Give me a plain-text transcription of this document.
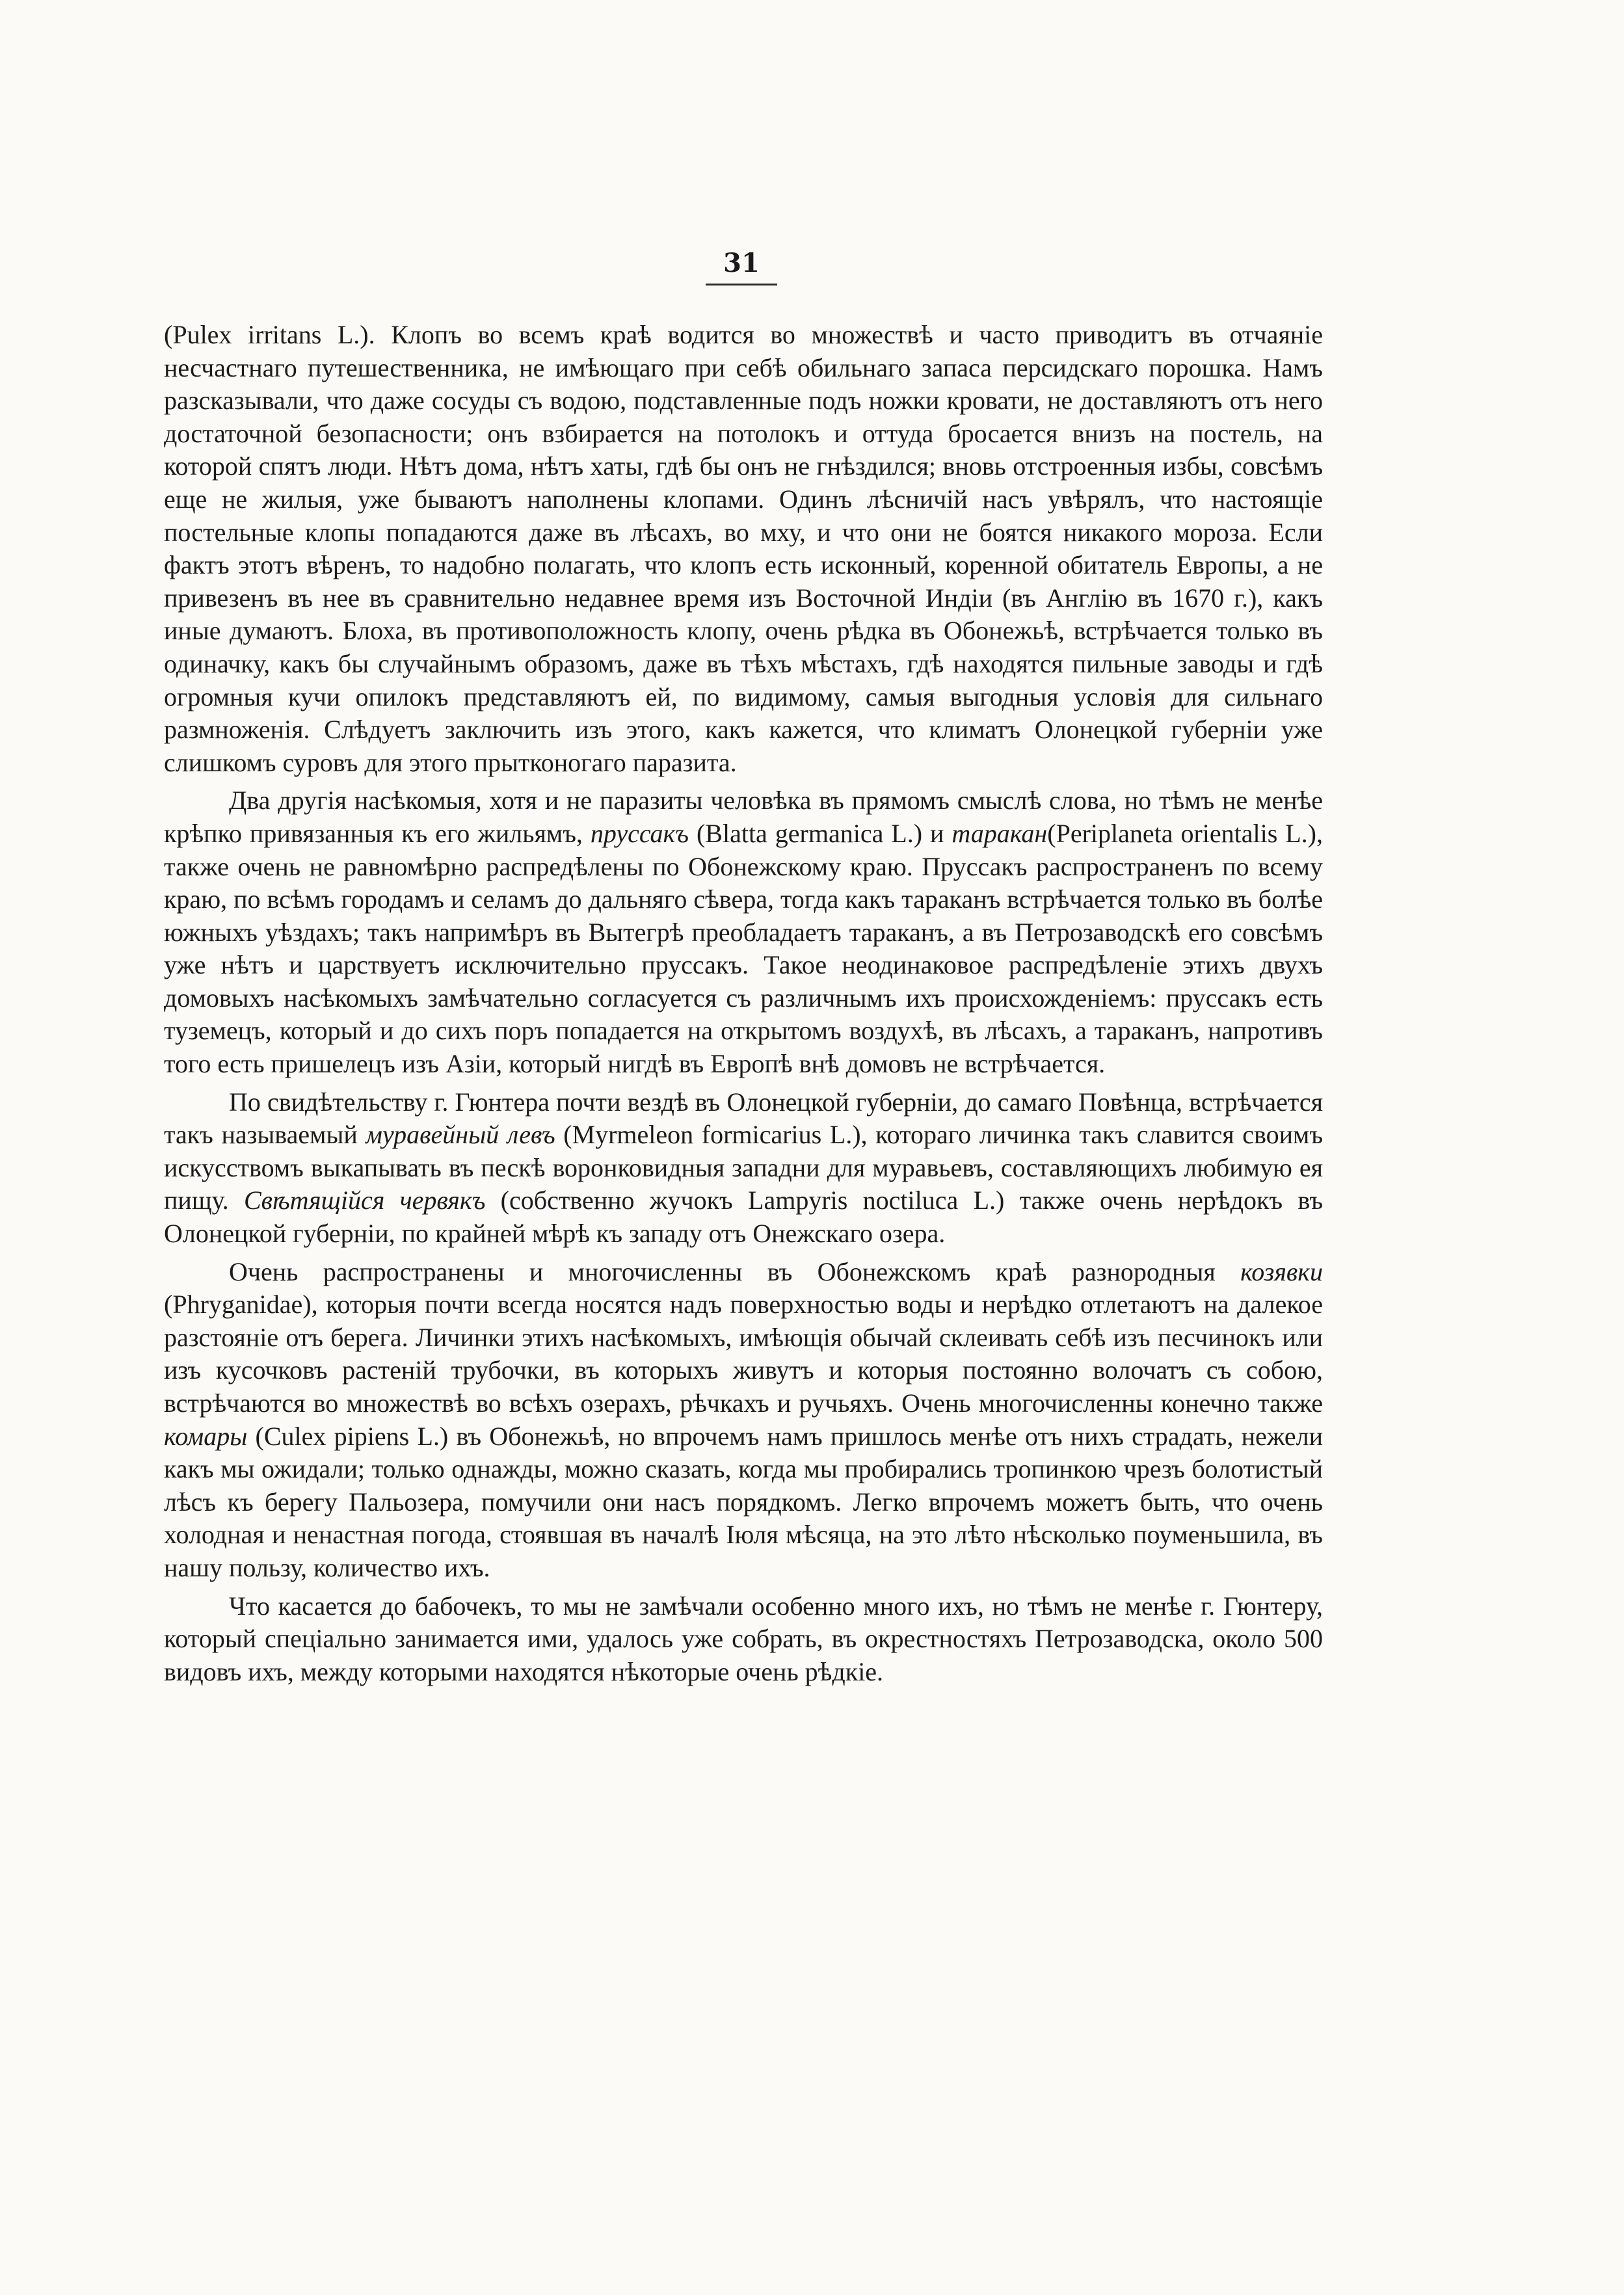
31

(Pulex irritans L.). Клопъ во всемъ краѣ водится во множествѣ и часто приводитъ въ отчаяніе несчастнаго путешественника, не имѣющаго при себѣ обильнаго запаса персидскаго порошка. Намъ разсказывали, что даже сосуды съ водою, подставленные подъ ножки кровати, не доставляютъ отъ него достаточной безопасности; онъ взбирается на потолокъ и оттуда бросается внизъ на постель, на которой спятъ люди. Нѣтъ дома, нѣтъ хаты, гдѣ бы онъ не гнѣздился; вновь отстроенныя избы, совсѣмъ еще не жилыя, уже бываютъ наполнены клопами. Одинъ лѣсничій насъ увѣрялъ, что настоящіе постельные клопы попадаются даже въ лѣсахъ, во мху, и что они не боятся никакого мороза. Если фактъ этотъ вѣренъ, то надобно полагать, что клопъ есть исконный, коренной обитатель Европы, а не привезенъ въ нее въ сравнительно недавнее время изъ Восточной Индіи (въ Англію въ 1670 г.), какъ иные думаютъ. Блоха, въ противоположность клопу, очень рѣдка въ Обонежьѣ, встрѣчается только въ одиначку, какъ бы случайнымъ образомъ, даже въ тѣхъ мѣстахъ, гдѣ находятся пильные заводы и гдѣ огромныя кучи опилокъ представляютъ ей, по видимому, самыя выгодныя условія для сильнаго размноженія. Слѣдуетъ заключить изъ этого, какъ кажется, что климатъ Олонецкой губерніи уже слишкомъ суровъ для этого прытконогаго паразита.

Два другія насѣкомыя, хотя и не паразиты человѣка въ прямомъ смыслѣ слова, но тѣмъ не менѣе крѣпко привязанныя къ его жильямъ, пруссакъ (Blatta germanica L.) и таракан(Periplaneta orientalis L.), также очень не равномѣрно распредѣлены по Обонежскому краю. Пруссакъ распространенъ по всему краю, по всѣмъ городамъ и селамъ до дальняго сѣвера, тогда какъ тараканъ встрѣчается только въ болѣе южныхъ уѣздахъ; такъ напримѣръ въ Вытегрѣ преобладаетъ тараканъ, а въ Петрозаводскѣ его совсѣмъ уже нѣтъ и царствуетъ исключительно пруссакъ. Такое неодинаковое распредѣленіе этихъ двухъ домовыхъ насѣкомыхъ замѣчательно согласуется съ различнымъ ихъ происхожденіемъ: пруссакъ есть туземецъ, который и до сихъ поръ попадается на открытомъ воздухѣ, въ лѣсахъ, а тараканъ, напротивъ того есть пришелецъ изъ Азіи, который нигдѣ въ Европѣ внѣ домовъ не встрѣчается.

По свидѣтельству г. Гюнтера почти вездѣ въ Олонецкой губерніи, до самаго Повѣнца, встрѣчается такъ называемый муравейный левъ (Myrmeleon formicarius L.), котораго личинка такъ славится своимъ искусствомъ выкапывать въ пескѣ воронковидныя западни для муравьевъ, составляющихъ любимую ея пищу. Свѣтящійся червякъ (собственно жучокъ Lampyris noctiluca L.) также очень нерѣдокъ въ Олонецкой губерніи, по крайней мѣрѣ къ западу отъ Онежскаго озера.

Очень распространены и многочисленны въ Обонежскомъ краѣ разнородныя козявки (Phryganidae), которыя почти всегда носятся надъ поверхностью воды и нерѣдко отлетаютъ на далекое разстояніе отъ берега. Личинки этихъ насѣкомыхъ, имѣющія обычай склеивать себѣ изъ песчинокъ или изъ кусочковъ растеній трубочки, въ которыхъ живутъ и которыя постоянно волочатъ съ собою, встрѣчаются во множествѣ во всѣхъ озерахъ, рѣчкахъ и ручьяхъ. Очень многочисленны конечно также комары (Culex pipiens L.) въ Обонежьѣ, но впрочемъ намъ пришлось менѣе отъ нихъ страдать, нежели какъ мы ожидали; только однажды, можно сказать, когда мы пробирались тропинкою чрезъ болотистый лѣсъ къ берегу Пальозера, помучили они насъ порядкомъ. Легко впрочемъ можетъ быть, что очень холодная и ненастная погода, стоявшая въ началѣ Іюля мѣсяца, на это лѣто нѣсколько поуменьшила, въ нашу пользу, количество ихъ.

Что касается до бабочекъ, то мы не замѣчали особенно много ихъ, но тѣмъ не менѣе г. Гюнтеру, который спеціально занимается ими, удалось уже собрать, въ окрестностяхъ Петрозаводска, около 500 видовъ ихъ, между которыми находятся нѣкоторые очень рѣдкіе.
